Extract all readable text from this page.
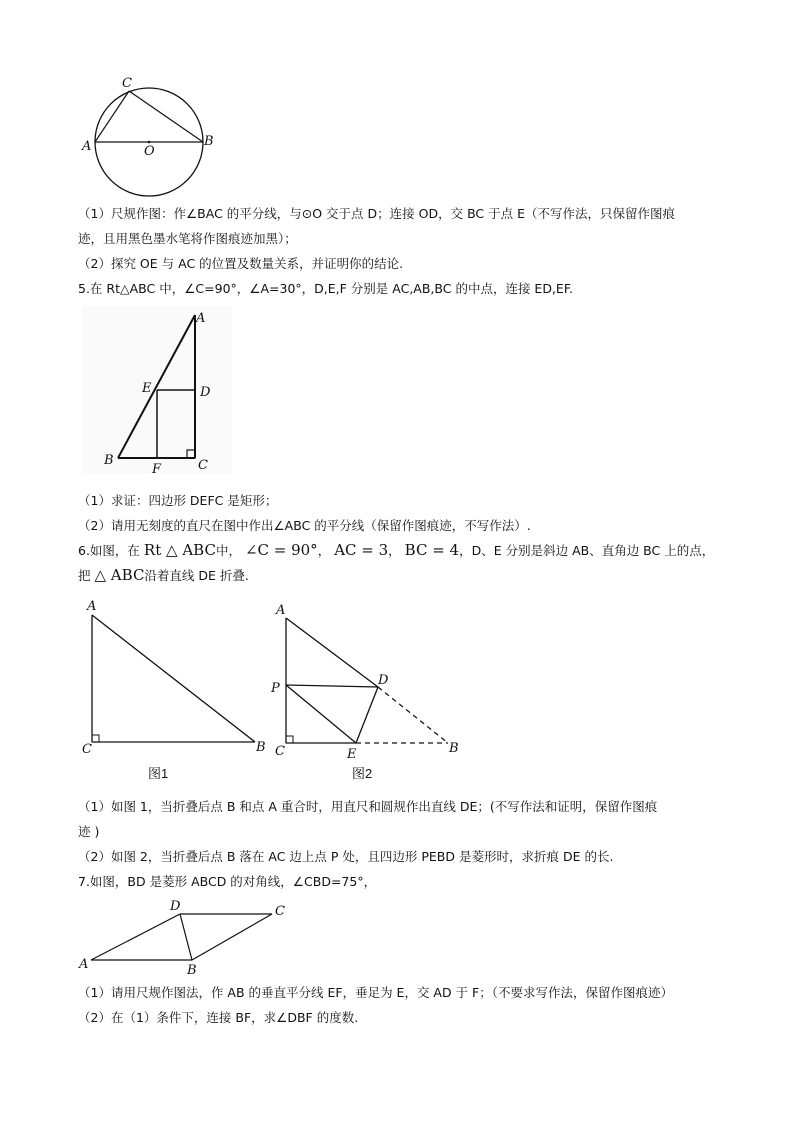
A	B
C
O
（1）尺规作图：作∠BAC 的平分线，与⊙O 交于点 D；连接 OD，交 BC 于点 E（不写作法，只保留作图痕
迹，且用黑色墨水笔将作图痕迹加黑）；
（2）探究 OE 与 AC 的位置及数量关系，并证明你的结论.
5.在 Rt△ABC 中，∠C=90°，∠A=30°，D,E,F 分别是 AC,AB,BC 的中点，连接 ED,EF.
A
E	D
B
F	C
（1）求证：四边形 DEFC 是矩形；
（2）请用无刻度的直尺在图中作出∠ABC 的平分线（保留作图痕迹，不写作法）.
6.如图，在 Rt △ ABC中， ∠C = 90°， AC = 3， BC = 4，D、E 分别是斜边 AB、直角边 BC 上的点，
把 △ ABC沿着直线 DE 折叠.
A
C	B
图1
A
P
D
C	E	B
图2
（1）如图 1，当折叠后点 B 和点 A 重合时，用直尺和圆规作出直线 DE；(不写作法和证明，保留作图痕
迹 )
（2）如图 2，当折叠后点 B 落在 AC 边上点 P 处，且四边形 PEBD 是菱形时，求折痕 DE 的长.
7.如图，BD 是菱形 ABCD 的对角线，∠CBD=75°，
D	C
A	B
（1）请用尺规作图法，作 AB 的垂直平分线 EF，垂足为 E，交 AD 于 F；（不要求写作法，保留作图痕迹）
（2）在（1）条件下，连接 BF，求∠DBF 的度数.
